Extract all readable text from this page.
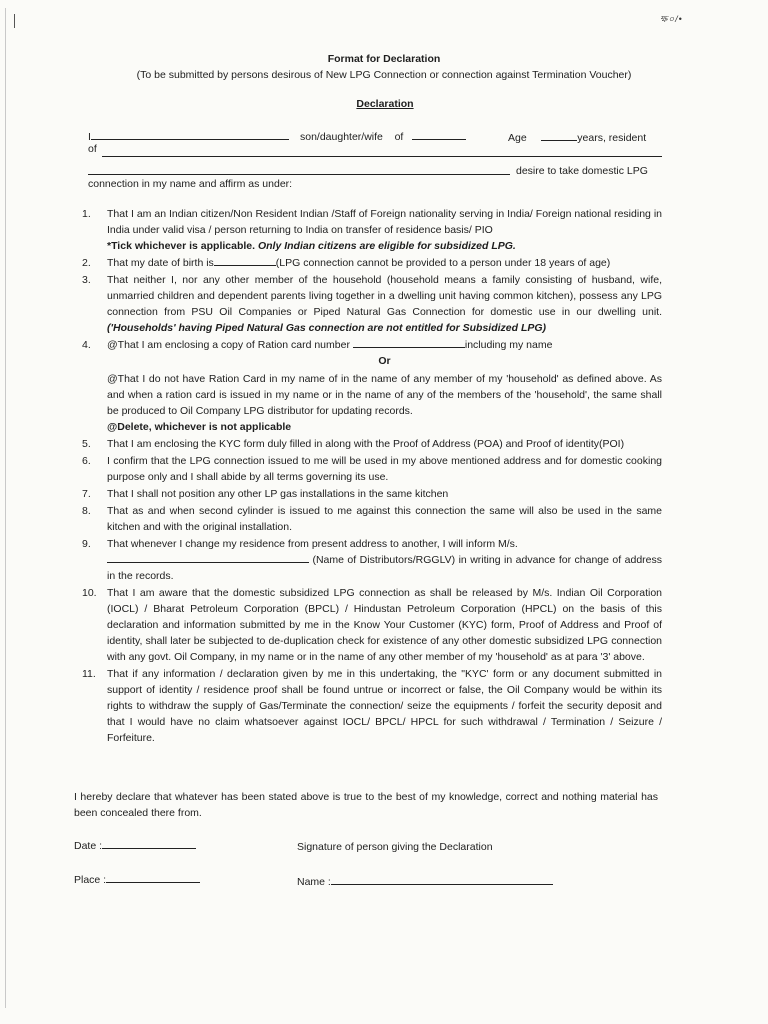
ক্ষ০/•
Format for Declaration
(To be submitted by persons desirous of New LPG Connection or connection against Termination Voucher)
Declaration
I	son/daughter/wife of	Age	years, resident
of
desire to take domestic LPG
connection in my name and affirm as under:
1. That I am an Indian citizen/Non Resident Indian /Staff of Foreign nationality serving in India/ Foreign national residing in India under valid visa / person returning to India on transfer of residence basis/ PIO
*Tick whichever is applicable. Only Indian citizens are eligible for subsidized LPG.
2. That my date of birth is	(LPG connection cannot be provided to a person under 18 years of age)
3. That neither I, nor any other member of the household (household means a family consisting of husband, wife, unmarried children and dependent parents living together in a dwelling unit having common kitchen), possess any LPG connection from PSU Oil Companies or Piped Natural Gas Connection for domestic use in our dwelling unit. ('Households' having Piped Natural Gas connection are not entitled for Subsidized LPG)
4. @That I am enclosing a copy of Ration card number	including my name
Or
@That I do not have Ration Card in my name of in the name of any member of my 'household' as defined above. As and when a ration card is issued in my name or in the name of any of the members of the 'household', the same shall be produced to Oil Company LPG distributor for updating records.
@Delete, whichever is not applicable
5. That I am enclosing the KYC form duly filled in along with the Proof of Address (POA) and Proof of identity(POI)
6. I confirm that the LPG connection issued to me will be used in my above mentioned address and for domestic cooking purpose only and I shall abide by all terms governing its use.
7. That I shall not position any other LP gas installations in the same kitchen
8. That as and when second cylinder is issued to me against this connection the same will also be used in the same kitchen and with the original installation.
9. That whenever I change my residence from present address to another, I will inform M/s.
(Name of Distributors/RGGLV) in writing in advance for change of address in the records.
10. That I am aware that the domestic subsidized LPG connection as shall be released by M/s. Indian Oil Corporation (IOCL) / Bharat Petroleum Corporation (BPCL) / Hindustan Petroleum Corporation (HPCL) on the basis of this declaration and information submitted by me in the Know Your Customer (KYC) form, Proof of Address and Proof of identity, shall later be subjected to de-duplication check for existence of any other domestic subsidized LPG connection with any govt. Oil Company, in my name or in the name of any other member of my 'household' as at para '3' above.
11. That if any information / declaration given by me in this undertaking, the "KYC' form or any document submitted in support of identity / residence proof shall be found untrue or incorrect or false, the Oil Company would be within its rights to withdraw the supply of Gas/Terminate the connection/ seize the equipments / forfeit the security deposit and that I would have no claim whatsoever against IOCL/ BPCL/ HPCL for such withdrawal / Termination / Seizure / Forfeiture.
I hereby declare that whatever has been stated above is true to the best of my knowledge, correct and nothing material has been concealed there from.
Date :	Signature of person giving the Declaration
Place :	Name :
